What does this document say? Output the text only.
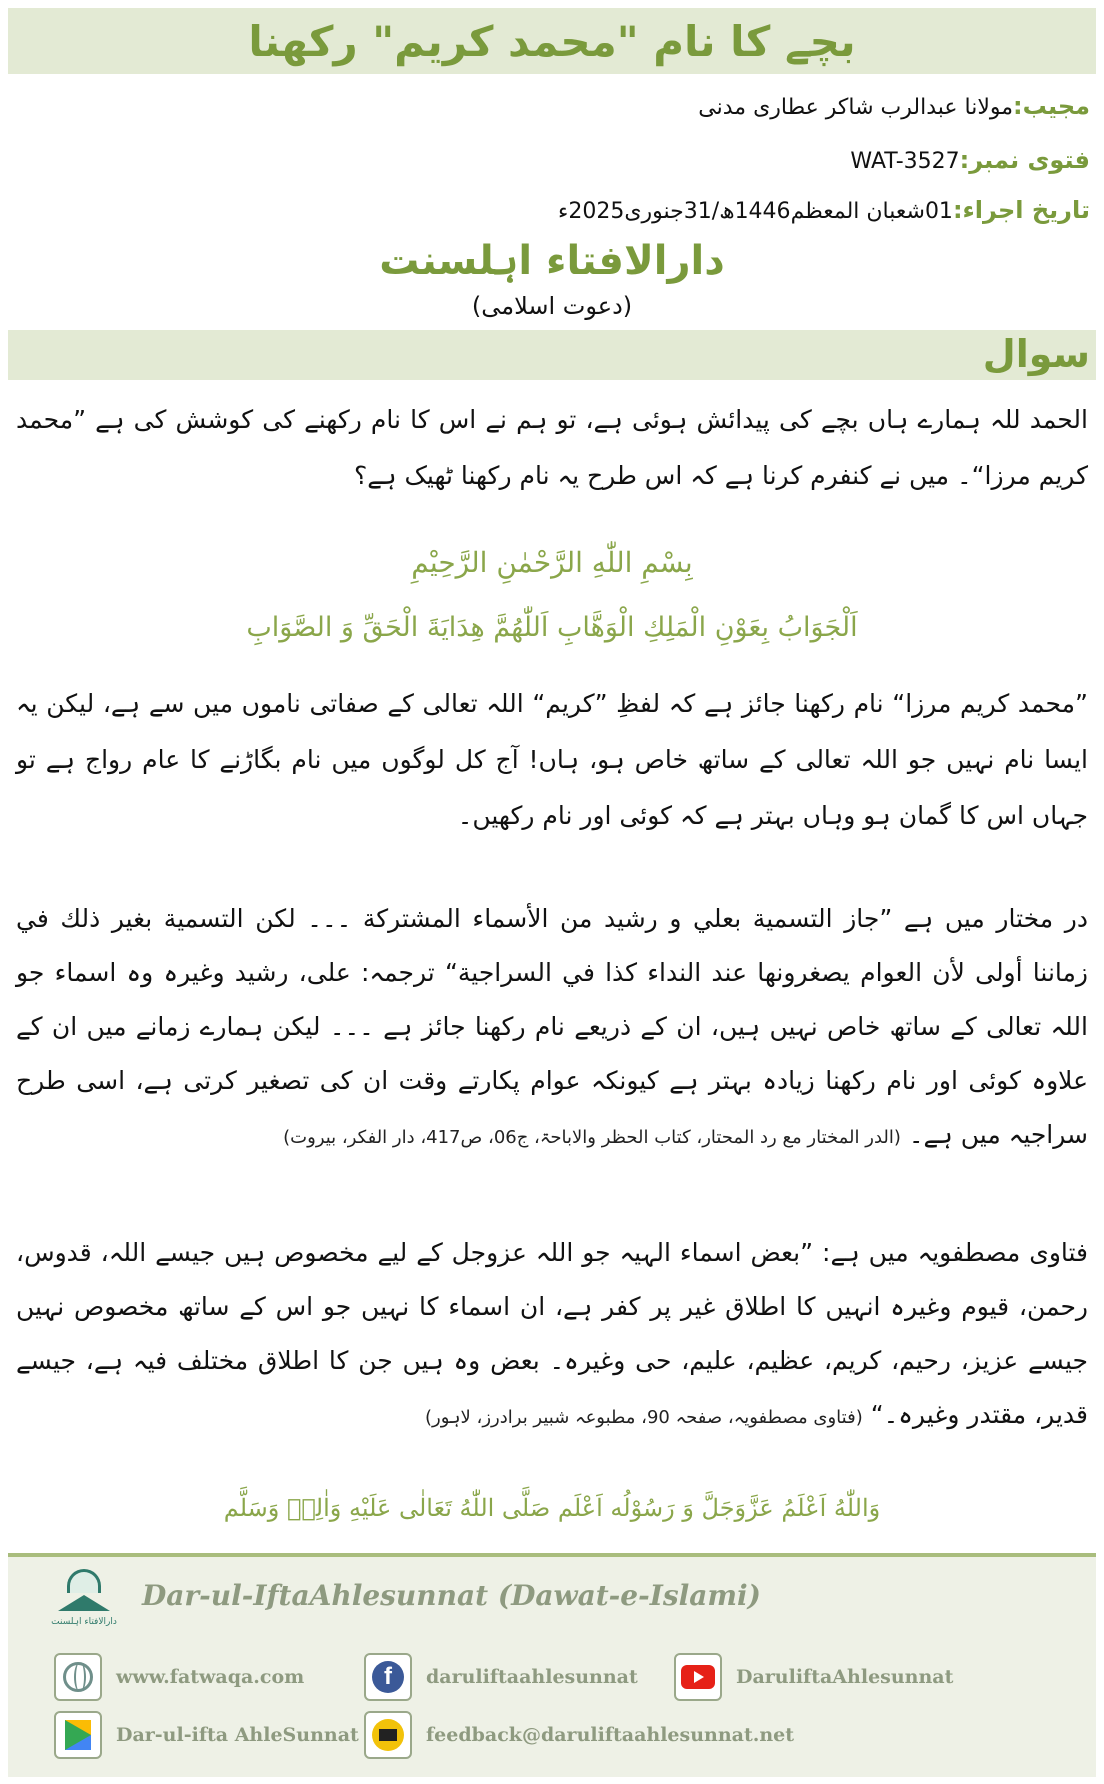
بچے کا نام "محمد کریم" رکھنا
مجیب:مولانا عبدالرب شاکر عطاری مدنی
فتوی نمبر:WAT-3527
تاریخ اجراء:01شعبان المعظم1446ھ/31جنوری2025ء
دارالافتاء اہلسنت
(دعوت اسلامی)
سوال
الحمد للہ ہمارے ہاں بچے کی پیدائش ہوئی ہے، تو ہم نے اس کا نام رکھنے کی کوشش کی ہے ”محمد کریم مرزا“۔ میں نے کنفرم کرنا ہے کہ اس طرح یہ نام رکھنا ٹھیک ہے؟
بِسْمِ اللّٰهِ الرَّحْمٰنِ الرَّحِيْمِ
اَلْجَوَابُ بِعَوْنِ الْمَلِكِ الْوَهَّابِ اَللّٰهُمَّ هِدَايَةَ الْحَقِّ وَ الصَّوَابِ
”محمد کریم مرزا“ نام رکھنا جائز ہے کہ لفظِ ”کریم“ اللہ تعالی کے صفاتی ناموں میں سے ہے، لیکن یہ ایسا نام نہیں جو اللہ تعالی کے ساتھ خاص ہو، ہاں! آج کل لوگوں میں نام بگاڑنے کا عام رواج ہے تو جہاں اس کا گمان ہو وہاں بہتر ہے کہ کوئی اور نام رکھیں۔
در مختار میں ہے ”جاز التسمية بعلي و رشيد من الأسماء المشتركة ۔۔۔ لكن التسمية بغير ذلك في زماننا أولى لأن العوام يصغرونها عند النداء كذا في السراجية“ ترجمہ: علی، رشید وغیرہ وہ اسماء جو اللہ تعالی کے ساتھ خاص نہیں ہیں، ان کے ذریعے نام رکھنا جائز ہے ۔۔۔ لیکن ہمارے زمانے میں ان کے علاوہ کوئی اور نام رکھنا زیادہ بہتر ہے کیونکہ عوام پکارتے وقت ان کی تصغیر کرتی ہے، اسی طرح سراجیہ میں ہے۔ (الدر المختار مع رد المحتار، کتاب الحظر والاباحۃ، ج06، ص417، دار الفکر، بیروت)
فتاوی مصطفویہ میں ہے: ”بعض اسماء الہیہ جو اللہ عزوجل کے لیے مخصوص ہیں جیسے اللہ، قدوس، رحمن، قیوم وغیرہ انہیں کا اطلاق غیر پر کفر ہے، ان اسماء کا نہیں جو اس کے ساتھ مخصوص نہیں جیسے عزیز، رحیم، کریم، عظیم، علیم، حی وغیرہ۔ بعض وہ ہیں جن کا اطلاق مختلف فیہ ہے، جیسے قدیر، مقتدر وغیرہ۔“ (فتاوی مصطفویہ، صفحہ 90، مطبوعہ شبیر برادرز، لاہور)
وَاللّٰهُ اَعْلَمُ عَزَّوَجَلَّ وَ رَسُوْلُه اَعْلَم صَلَّی اللّٰهُ تَعَالٰی عَلَیْهِ وَاٰلِهٖ وَسَلَّم
دارالافتاء اہلسنت
Dar-ul-IftaAhlesunnat (Dawat-e-Islami)
www.fatwaqa.com	f	daruliftaahlesunnat	DaruliftaAhlesunnat
Dar-ul-ifta AhleSunnat	feedback@daruliftaahlesunnat.net
